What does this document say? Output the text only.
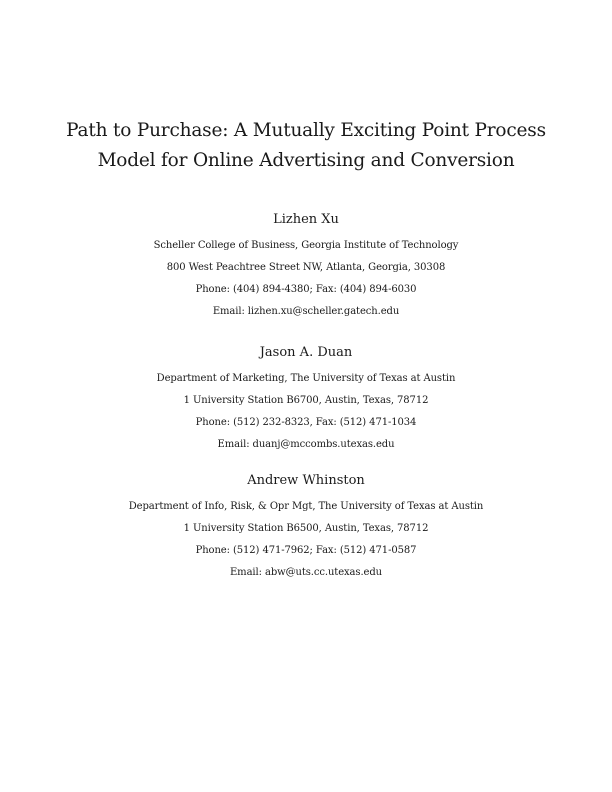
Path to Purchase: A Mutually Exciting Point Process
Model for Online Advertising and Conversion
Lizhen Xu
Scheller College of Business, Georgia Institute of Technology
800 West Peachtree Street NW, Atlanta, Georgia, 30308
Phone: (404) 894-4380; Fax: (404) 894-6030
Email: lizhen.xu@scheller.gatech.edu
Jason A. Duan
Department of Marketing, The University of Texas at Austin
1 University Station B6700, Austin, Texas, 78712
Phone: (512) 232-8323, Fax: (512) 471-1034
Email: duanj@mccombs.utexas.edu
Andrew Whinston
Department of Info, Risk, & Opr Mgt, The University of Texas at Austin
1 University Station B6500, Austin, Texas, 78712
Phone: (512) 471-7962; Fax: (512) 471-0587
Email: abw@uts.cc.utexas.edu
